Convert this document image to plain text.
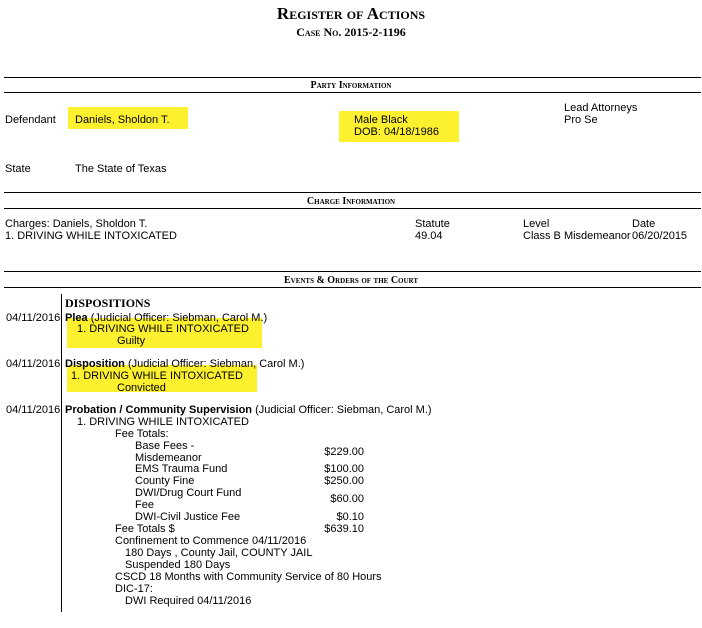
Register of Actions
Case No. 2015-2-1196
Party Information
Defendant Daniels, Sholdon T.	Male Black
DOB: 04/18/1986
Lead Attorneys
Pro Se
State	The State of Texas
Charge Information
Charges: Daniels, Sholdon T.	Statute	Level	Date
1. DRIVING WHILE INTOXICATED	49.04	Class B Misdemeanor 06/20/2015
Events & Orders of the Court
DISPOSITIONS
04/11/2016 Plea (Judicial Officer: Siebman, Carol M.)
1. DRIVING WHILE INTOXICATED
Guilty
04/11/2016 Disposition (Judicial Officer: Siebman, Carol M.)
1. DRIVING WHILE INTOXICATED
Convicted
04/11/2016 Probation / Community Supervision (Judicial Officer: Siebman, Carol M.)
1. DRIVING WHILE INTOXICATED
Fee Totals:
Base Fees -
Misdemeanor	$229.00
EMS Trauma Fund	$100.00
County Fine	$250.00
DWI/Drug Court Fund
Fee	$60.00
DWI-Civil Justice Fee	$0.10
Fee Totals $	$639.10
Confinement to Commence 04/11/2016
180 Days , County Jail, COUNTY JAIL
Suspended 180 Days
CSCD 18 Months with Community Service of 80 Hours
DIC-17:
DWI Required 04/11/2016
